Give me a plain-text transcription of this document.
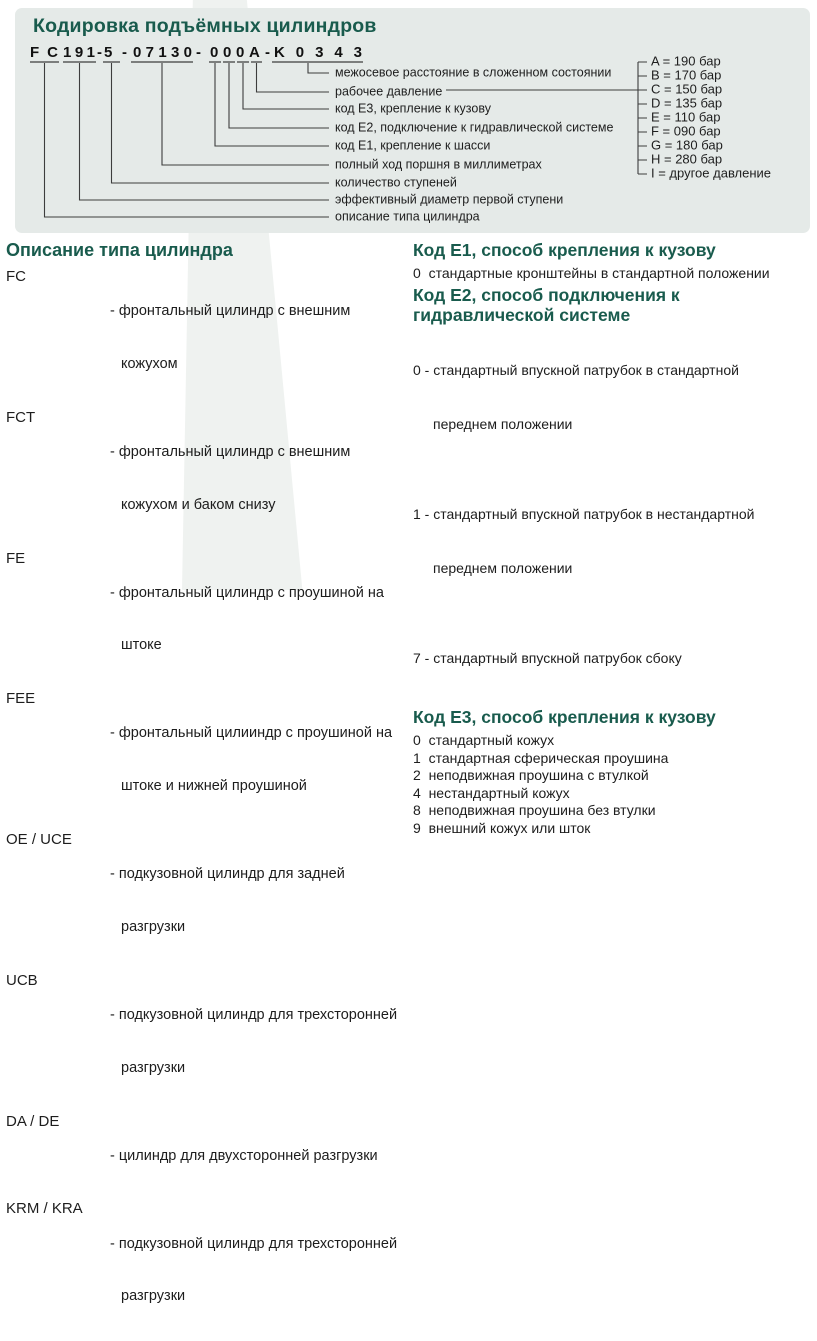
Кодировка подъёмных цилиндров
FC 191 - 5 - 07130 - 0 0 0 A - K0343
межосевое расстояние в сложенном состоянии
рабочее давление
код E3, крепление к кузову
код E2, подключение к гидравлической системе
код E1, крепление к шасси
полный ход поршня в миллиметрах
количество ступеней
эффективный диаметр первой ступени
описание типа цилиндра
A = 190 бар
B = 170 бар
C = 150 бар
D = 135 бар
E = 110 бар
F = 090 бар
G = 180 бар
H = 280 бар
I = другое давление
Описание типа цилиндра
FC

- фронтальный цилиндр с внешним

кожухом

FCT

- фронтальный цилиндр с внешним

кожухом и баком снизу

FE

- фронтальный цилиндр с проушиной на

штоке

FEE

- фронтальный цилииндр с проушиной на

штоке и нижней проушиной

OE / UCE

- подкузовной цилиндр для задней

разгрузки

UCB

- подкузовной цилиндр для трехсторонней

разгрузки

DA / DE

- цилиндр для двухсторонней разгрузки

KRM / KRA

- подкузовной цилиндр для трехсторонней

разгрузки

Код E1, способ крепления к кузову

0  стандартные кронштейны в стандартной положении

Код E2, способ подключения к
гидравлической системе

0 - стандартный впускной патрубок в стандартной

переднем положении

1 - стандартный впускной патрубок в нестандартной

переднем положении

7 - стандартный впускной патрубок сбоку

Код E3, способ крепления к кузову

0  стандартный кожух

1  стандартная сферическая проушина

2  неподвижная проушина с втулкой

4  нестандартный кожух

8  неподвижная проушина без втулки

9  внешний кожух или шток
